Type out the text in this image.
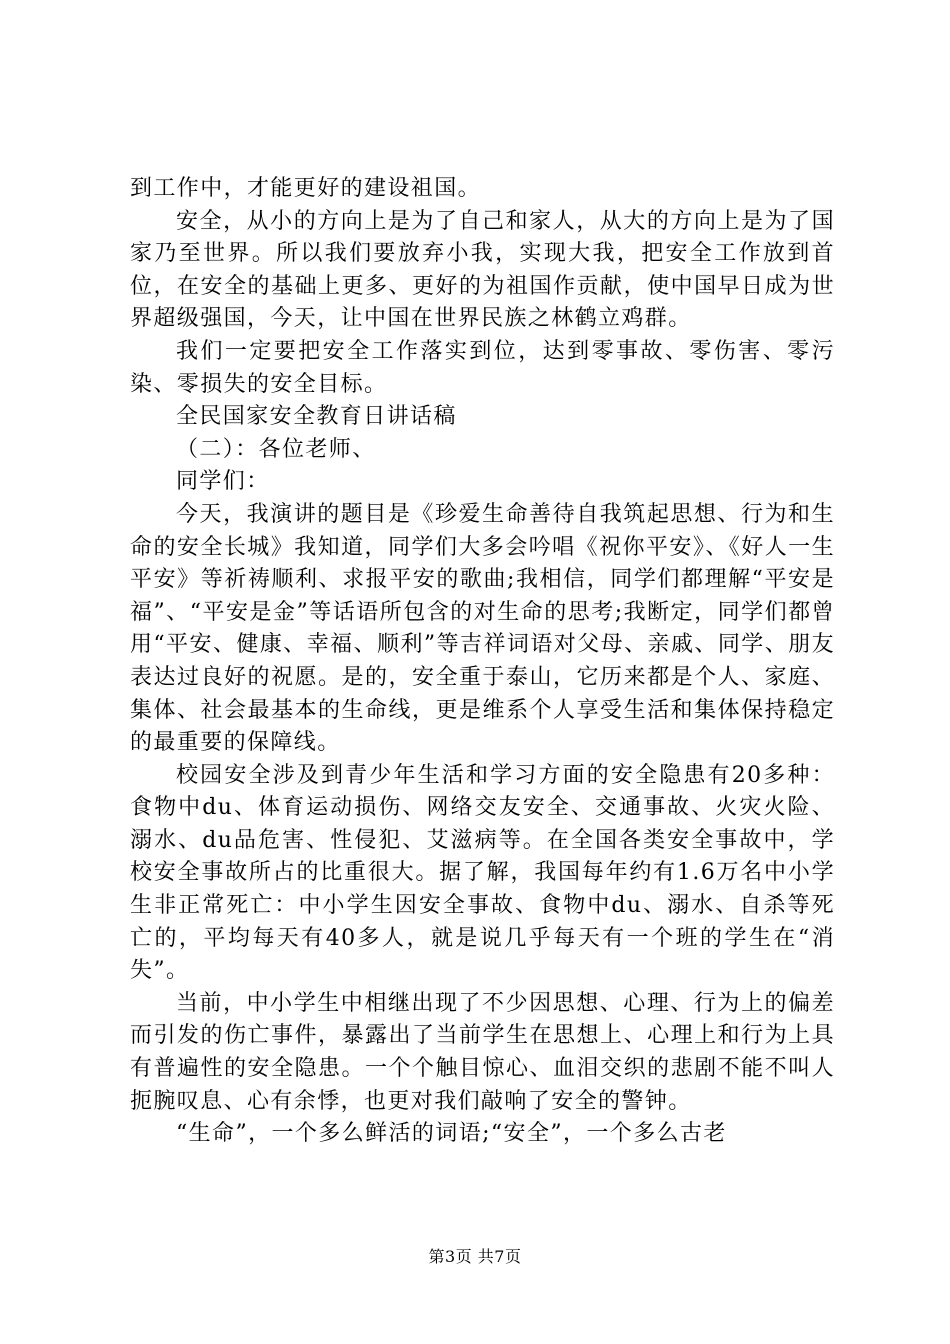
到工作中，才能更好的建设祖国。

安全，从小的方向上是为了自己和家人，从大的方向上是为了国家乃至世界。所以我们要放弃小我，实现大我，把安全工作放到首位，在安全的基础上更多、更好的为祖国作贡献，使中国早日成为世界超级强国，今天，让中国在世界民族之林鹤立鸡群。

我们一定要把安全工作落实到位，达到零事故、零伤害、零污染、零损失的安全目标。

全民国家安全教育日讲话稿

（二）：各位老师、

同学们：

今天，我演讲的题目是《珍爱生命善待自我筑起思想、行为和生命的安全长城》我知道，同学们大多会吟唱《祝你平安》、《好人一生平安》等祈祷顺利、求报平安的歌曲;我相信，同学们都理解“平安是福”、“平安是金”等话语所包含的对生命的思考;我断定，同学们都曾用“平安、健康、幸福、顺利”等吉祥词语对父母、亲戚、同学、朋友表达过良好的祝愿。是的，安全重于泰山，它历来都是个人、家庭、集体、社会最基本的生命线，更是维系个人享受生活和集体保持稳定的最重要的保障线。

校园安全涉及到青少年生活和学习方面的安全隐患有20多种：食物中du、体育运动损伤、网络交友安全、交通事故、火灾火险、溺水、du品危害、性侵犯、艾滋病等。在全国各类安全事故中，学校安全事故所占的比重很大。据了解，我国每年约有1.6万名中小学生非正常死亡：中小学生因安全事故、食物中du、溺水、自杀等死亡的，平均每天有40多人，就是说几乎每天有一个班的学生在“消失”。

当前，中小学生中相继出现了不少因思想、心理、行为上的偏差而引发的伤亡事件，暴露出了当前学生在思想上、心理上和行为上具有普遍性的安全隐患。一个个触目惊心、血泪交织的悲剧不能不叫人扼腕叹息、心有余悸，也更对我们敲响了安全的警钟。

“生命”，一个多么鲜活的词语;“安全”，一个多么古老

第3页 共7页
